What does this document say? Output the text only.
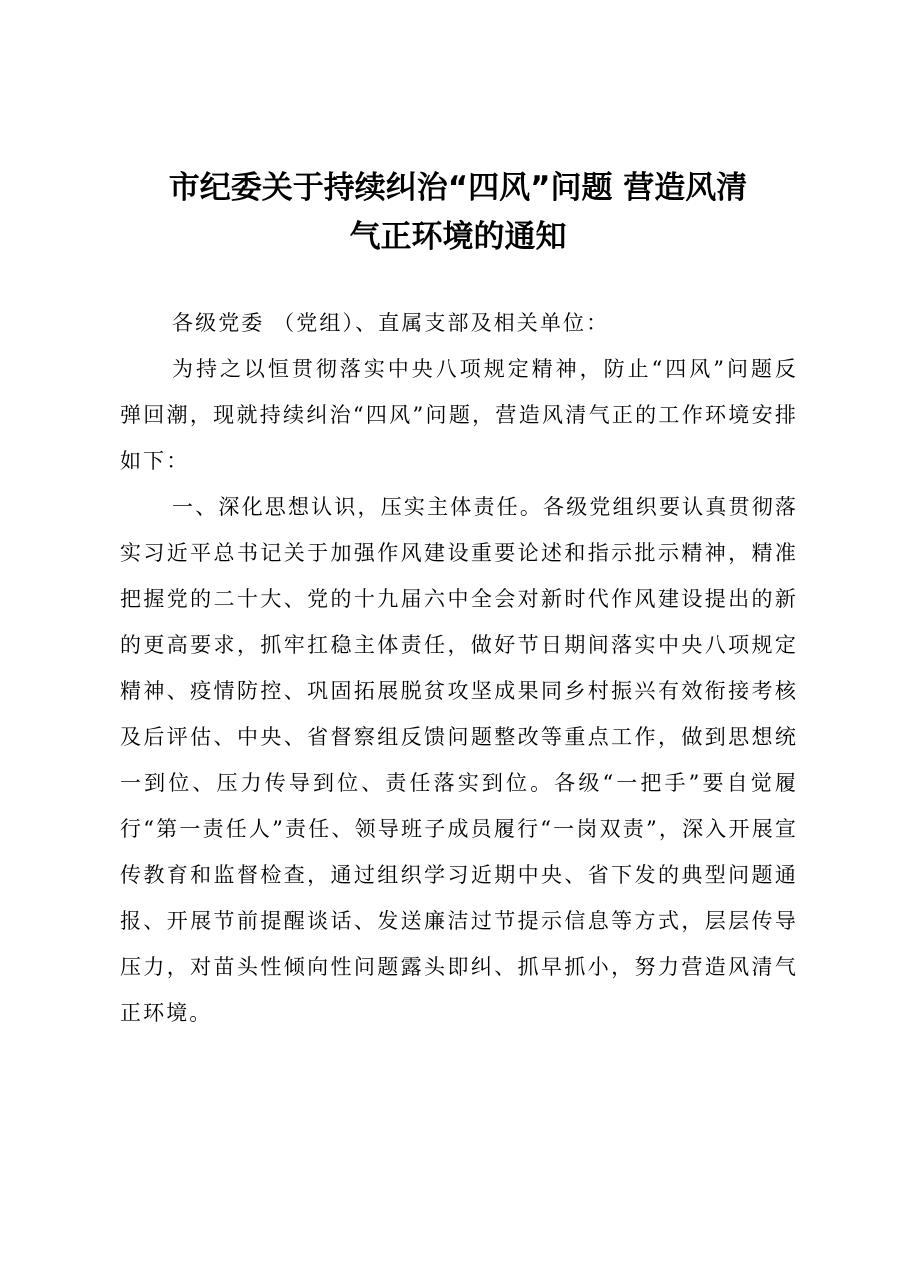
市纪委关于持续纠治“四风”问题 营造风清
气正环境的通知

各级党委 （党组）、直属支部及相关单位：

为持之以恒贯彻落实中央八项规定精神，防止“四风”问题反弹回潮，现就持续纠治“四风”问题，营造风清气正的工作环境安排如下：

一、深化思想认识，压实主体责任。各级党组织要认真贯彻落实习近平总书记关于加强作风建设重要论述和指示批示精神，精准把握党的二十大、党的十九届六中全会对新时代作风建设提出的新的更高要求，抓牢扛稳主体责任，做好节日期间落实中央八项规定精神、疫情防控、巩固拓展脱贫攻坚成果同乡村振兴有效衔接考核及后评估、中央、省督察组反馈问题整改等重点工作，做到思想统一到位、压力传导到位、责任落实到位。各级“一把手”要自觉履行“第一责任人”责任、领导班子成员履行“一岗双责”，深入开展宣传教育和监督检查，通过组织学习近期中央、省下发的典型问题通报、开展节前提醒谈话、发送廉洁过节提示信息等方式，层层传导压力，对苗头性倾向性问题露头即纠、抓早抓小，努力营造风清气正环境。
